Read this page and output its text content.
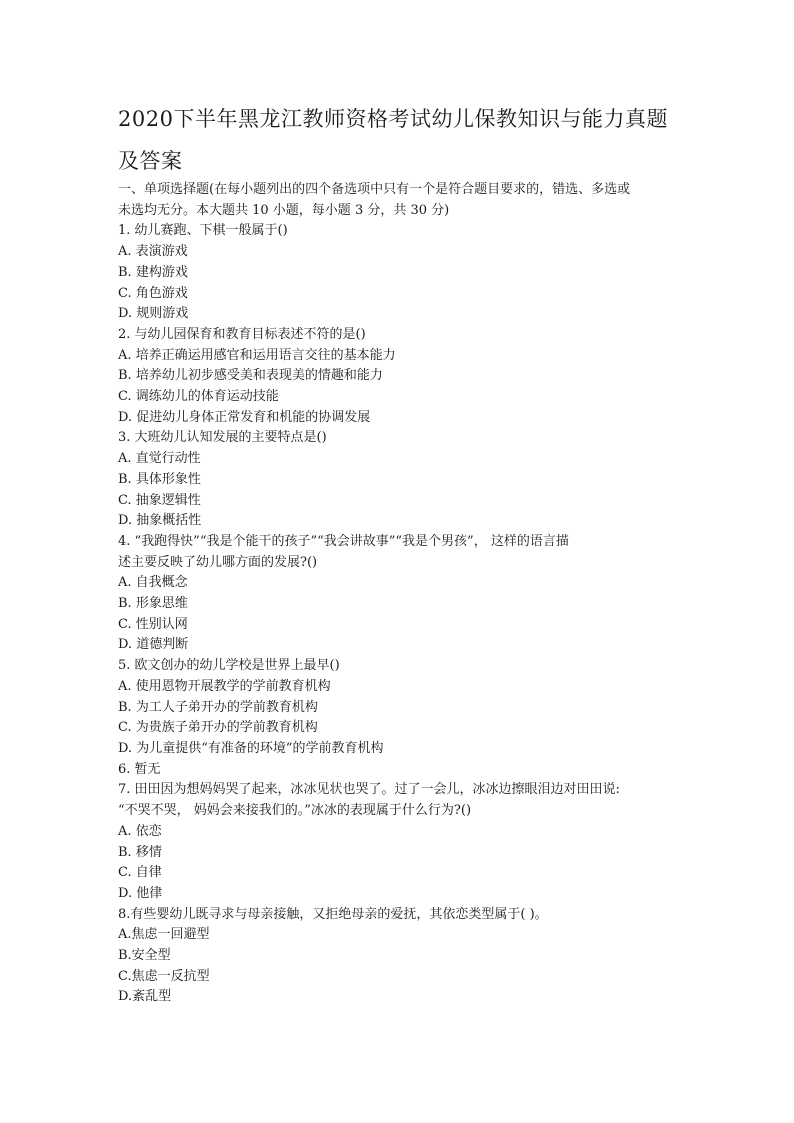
2020下半年黑龙江教师资格考试幼儿保教知识与能力真题
及答案

一、单项选择题(在每小题列出的四个备选项中只有一个是符合题目要求的，错选、多选或

未选均无分。本大题共 10 小题，每小题 3 分，共 30 分)

1. 幼儿赛跑、下棋一般属于()

A. 表演游戏

B. 建构游戏

C. 角色游戏

D. 规则游戏

2. 与幼儿园保育和教育目标表述不符的是()

A. 培养正确运用感官和运用语言交往的基本能力

B. 培养幼儿初步感受美和表现美的情趣和能力

C. 调练幼儿的体育运动技能

D. 促进幼儿身体正常发育和机能的协调发展

3. 大班幼儿认知发展的主要特点是()

A. 直觉行动性

B. 具体形象性

C. 抽象逻辑性

D. 抽象概括性

4. “我跑得快”“我是个能干的孩子”“我会讲故事”“我是个男孩”， 这样的语言描

述主要反映了幼儿哪方面的发展?()

A. 自我概念

B. 形象思维

C. 性别认网

D. 道德判断

5. 欧文创办的幼儿学校是世界上最早()

A. 使用恩物开展教学的学前教育机构

B. 为工人子弟开办的学前教育机构

C. 为贵族子弟开办的学前教育机构

D. 为儿童提供“有准备的环境”的学前教育机构

6. 暂无

7. 田田因为想妈妈哭了起来，冰冰见状也哭了。过了一会儿，冰冰边擦眼泪边对田田说:

“不哭不哭， 妈妈会来接我们的。”冰冰的表现属于什么行为?()

A. 依恋

B. 移情

C. 自律

D. 他律

8.有些婴幼儿既寻求与母亲接触，又拒绝母亲的爱抚，其依恋类型属于( )。

A.焦虑一回避型

B.安全型

C.焦虑一反抗型

D.紊乱型
